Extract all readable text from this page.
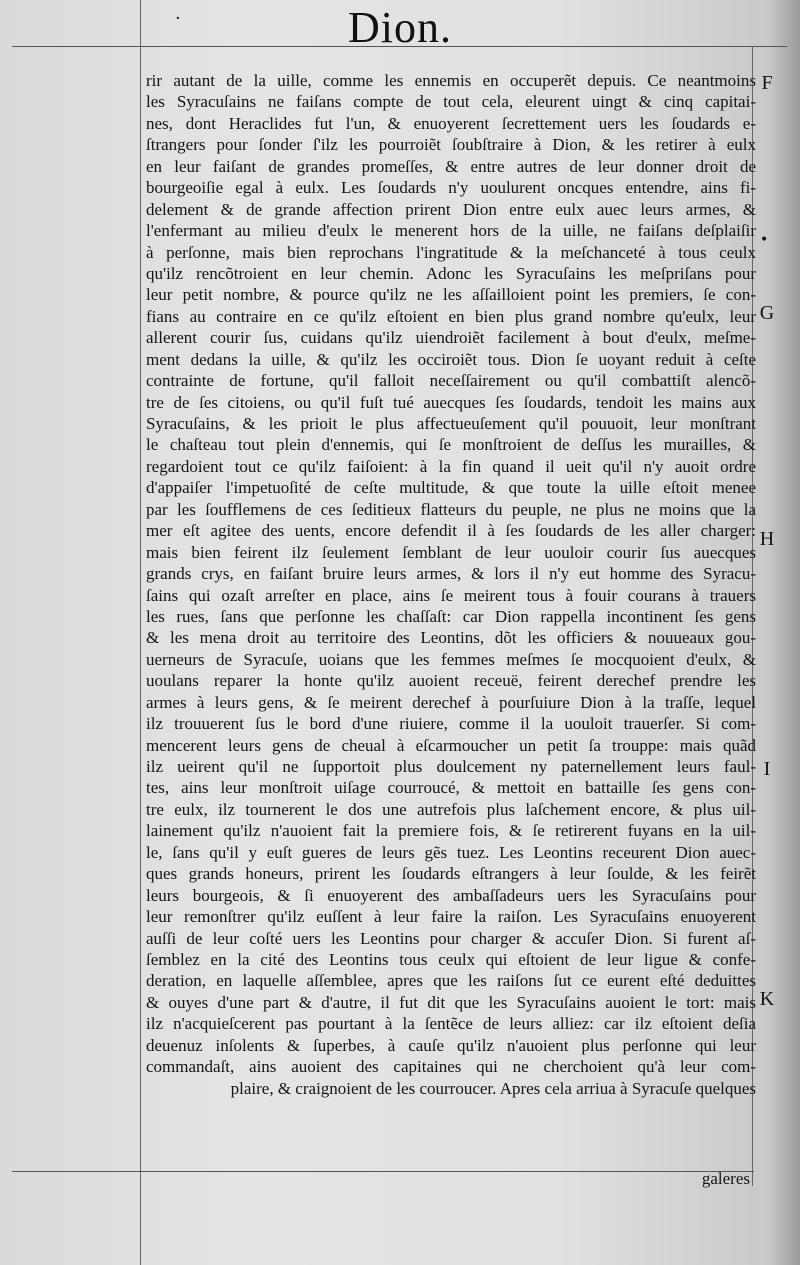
·	Dion.
rir autant de la uille, comme les ennemis en occuperẽt depuis. Ce neantmoins
les Syracuſains ne faiſans compte de tout cela, eleurent uingt & cinq capitai-
nes, dont Heraclides fut l'un, & enuoyerent ſecrettement uers les ſoudards e-
ſtrangers pour ſonder ſ'ilz les pourroiẽt ſoubſtraire à Dion, & les retirer à eulx
en leur faiſant de grandes promeſſes, & entre autres de leur donner droit de
bourgeoiſie egal à eulx. Les ſoudards n'y uoulurent oncques entendre, ains fi-
delement & de grande affection prirent Dion entre eulx auec leurs armes, &
l'enfermant au milieu d'eulx le menerent hors de la uille, ne faiſans deſplaiſir
à perſonne, mais bien reprochans l'ingratitude & la meſchanceté à tous ceulx
qu'ilz rencõtroient en leur chemin. Adonc les Syracuſains les meſpriſans pour
leur petit nombre, & pource qu'ilz ne les aſſailloient point les premiers, ſe con-
fians au contraire en ce qu'ilz eſtoient en bien plus grand nombre qu'eulx, leur
allerent courir ſus, cuidans qu'ilz uiendroiẽt facilement à bout d'eulx, meſme-
ment dedans la uille, & qu'ilz les occiroiẽt tous. Dion ſe uoyant reduit à ceſte
contrainte de fortune, qu'il falloit neceſſairement ou qu'il combattiſt alencõ-
tre de ſes citoiens, ou qu'il fuſt tué auecques ſes ſoudards, tendoit les mains aux
Syracuſains, & les prioit le plus affectueuſement qu'il pouuoit, leur monſtrant
le chaſteau tout plein d'ennemis, qui ſe monſtroient de deſſus les murailles, &
regardoient tout ce qu'ilz faiſoient: à la fin quand il ueit qu'il n'y auoit ordre
d'appaiſer l'impetuoſité de ceſte multitude, & que toute la uille eſtoit menee
par les ſoufflemens de ces ſeditieux flatteurs du peuple, ne plus ne moins que la
mer eſt agitee des uents, encore defendit il à ſes ſoudards de les aller charger:
mais bien feirent ilz ſeulement ſemblant de leur uouloir courir ſus auecques
grands crys, en faiſant bruire leurs armes, & lors il n'y eut homme des Syracu-
ſains qui ozaſt arreſter en place, ains ſe meirent tous à fouir courans à trauers
les rues, ſans que perſonne les chaſſaſt: car Dion rappella incontinent ſes gens
& les mena droit au territoire des Leontins, dõt les officiers & nouueaux gou-
uerneurs de Syracuſe, uoians que les femmes meſmes ſe mocquoient d'eulx, &
uoulans reparer la honte qu'ilz auoient receuë, feirent derechef prendre les
armes à leurs gens, & ſe meirent derechef à pourſuiure Dion à la traſſe, lequel
ilz trouuerent ſus le bord d'une riuiere, comme il la uouloit trauerſer. Si com-
mencerent leurs gens de cheual à eſcarmoucher un petit ſa trouppe: mais quãd
ilz ueirent qu'il ne ſupportoit plus doulcement ny paternellement leurs faul-
tes, ains leur monſtroit uiſage courroucé, & mettoit en battaille ſes gens con-
tre eulx, ilz tournerent le dos une autrefois plus laſchement encore, & plus uil-
lainement qu'ilz n'auoient fait la premiere fois, & ſe retirerent fuyans en la uil-
le, ſans qu'il y euſt gueres de leurs gẽs tuez. Les Leontins receurent Dion auec-
ques grands honeurs, prirent les ſoudards eſtrangers à leur ſoulde, & les feirẽt
leurs bourgeois, & ſi enuoyerent des ambaſſadeurs uers les Syracuſains pour
leur remonſtrer qu'ilz euſſent à leur faire la raiſon. Les Syracuſains enuoyerent
auſſi de leur coſté uers les Leontins pour charger & accuſer Dion. Si furent aſ-
ſemblez en la cité des Leontins tous ceulx qui eſtoient de leur ligue & confe-
deration, en laquelle aſſemblee, apres que les raiſons ſut ce eurent eſté deduittes
& ouyes d'une part & d'autre, il fut dit que les Syracuſains auoient le tort: mais
ilz n'acquieſcerent pas pourtant à la ſentẽce de leurs alliez: car ilz eſtoient deſia
deuenuz inſolents & ſuperbes, à cauſe qu'ilz n'auoient plus perſonne qui leur
commandaſt, ains auoient des capitaines qui ne cherchoient qu'à leur com-
plaire, & craignoient de les courroucer. Apres cela arriua à Syracuſe quelques
F
•
G
H
I
K
galeres
